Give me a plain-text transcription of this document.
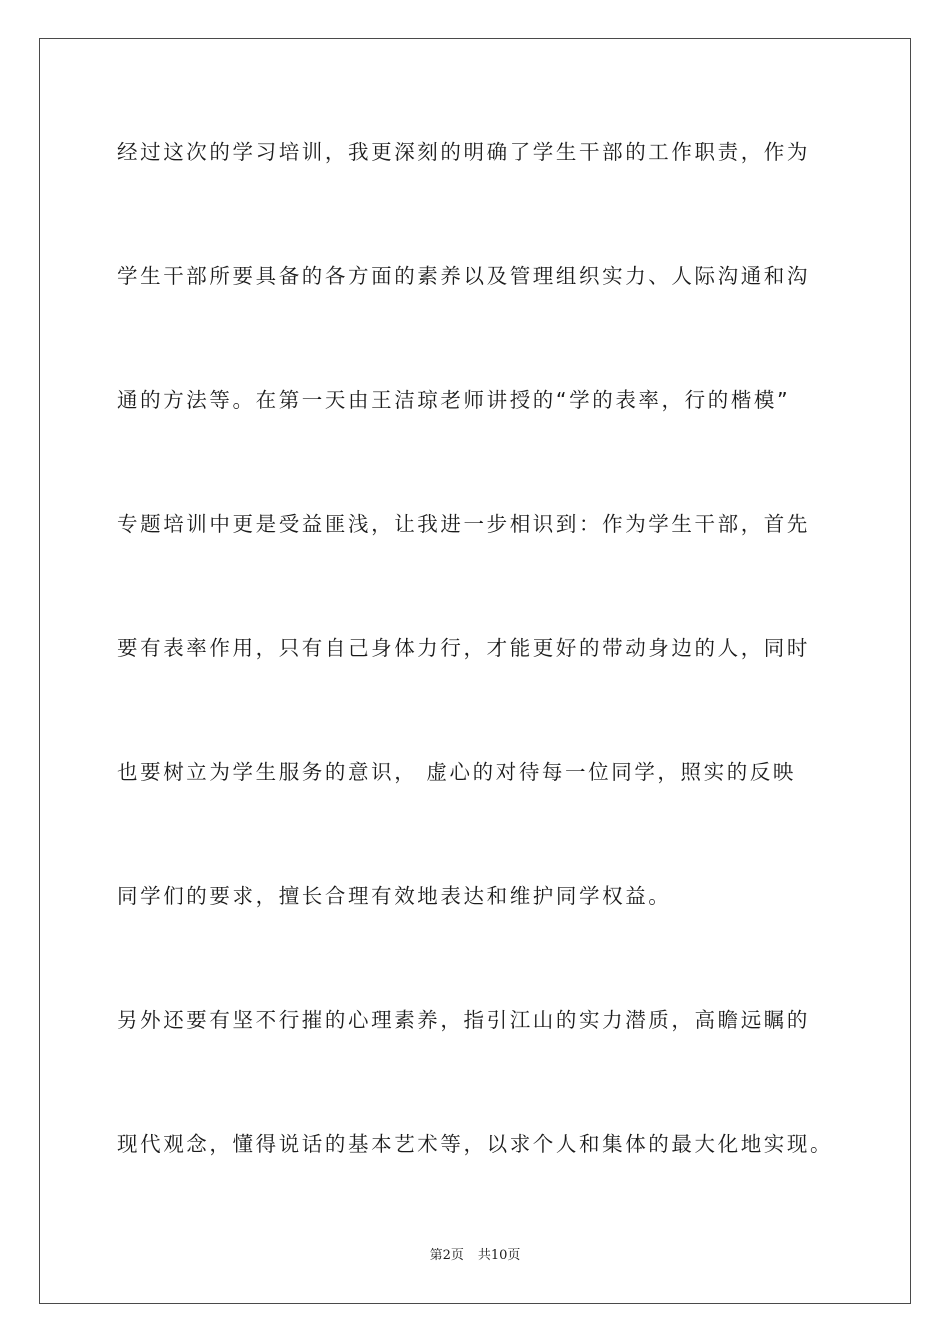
经过这次的学习培训，我更深刻的明确了学生干部的工作职责，作为
学生干部所要具备的各方面的素养以及管理组织实力、人际沟通和沟
通的方法等。在第一天由王洁琼老师讲授的“学的表率，行的楷模”
专题培训中更是受益匪浅，让我进一步相识到：作为学生干部，首先
要有表率作用，只有自己身体力行，才能更好的带动身边的人，同时
也要树立为学生服务的意识， 虚心的对待每一位同学，照实的反映
同学们的要求，擅长合理有效地表达和维护同学权益。
另外还要有坚不行摧的心理素养，指引江山的实力潜质，高瞻远瞩的
现代观念，懂得说话的基本艺术等，以求个人和集体的最大化地实现。
第2页 共10页
